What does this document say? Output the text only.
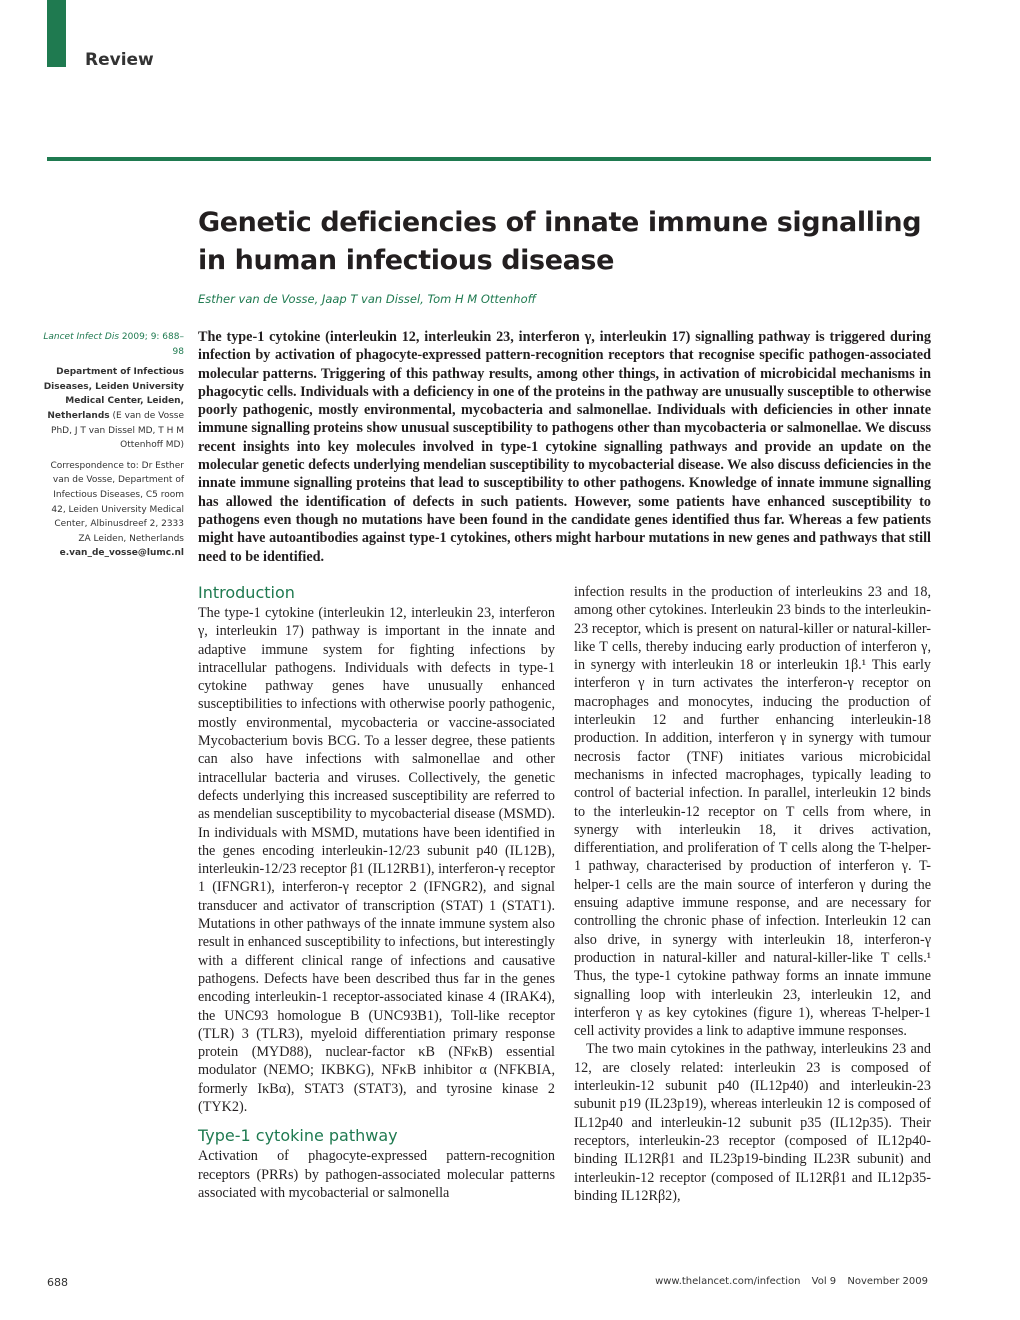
Review
Genetic deficiencies of innate immune signalling in human infectious disease
Esther van de Vosse, Jaap T van Dissel, Tom H M Ottenhoff

Lancet Infect Dis 2009; 9: 688–98

Department of Infectious Diseases, Leiden University Medical Center, Leiden, Netherlands (E van de Vosse PhD, J T van Dissel MD, T H M Ottenhoff MD)

Correspondence to: Dr Esther van de Vosse, Department of Infectious Diseases, C5 room 42, Leiden University Medical Center, Albinusdreef 2, 2333 ZA Leiden, Netherlands
e.van_de_vosse@lumc.nl

The type-1 cytokine (interleukin 12, interleukin 23, interferon γ, interleukin 17) signalling pathway is triggered during infection by activation of phagocyte-expressed pattern-recognition receptors that recognise specific pathogen-associated molecular patterns. Triggering of this pathway results, among other things, in activation of microbicidal mechanisms in phagocytic cells. Individuals with a deficiency in one of the proteins in the pathway are unusually susceptible to otherwise poorly pathogenic, mostly environmental, mycobacteria and salmonellae. Individuals with deficiencies in other innate immune signalling proteins show unusual susceptibility to pathogens other than mycobacteria or salmonellae. We discuss recent insights into key molecules involved in type-1 cytokine signalling pathways and provide an update on the molecular genetic defects underlying mendelian susceptibility to mycobacterial disease. We also discuss deficiencies in the innate immune signalling proteins that lead to susceptibility to other pathogens. Knowledge of innate immune signalling has allowed the identification of defects in such patients. However, some patients have enhanced susceptibility to pathogens even though no mutations have been found in the candidate genes identified thus far. Whereas a few patients might have autoantibodies against type-1 cytokines, others might harbour mutations in new genes and pathways that still need to be identified.

Introduction

The type-1 cytokine (interleukin 12, interleukin 23, interferon γ, interleukin 17) pathway is important in the innate and adaptive immune system for fighting infections by intracellular pathogens. Individuals with defects in type-1 cytokine pathway genes have unusually enhanced susceptibilities to infections with otherwise poorly pathogenic, mostly environmental, mycobacteria or vaccine-associated Mycobacterium bovis BCG. To a lesser degree, these patients can also have infections with salmonellae and other intracellular bacteria and viruses. Collectively, the genetic defects underlying this increased susceptibility are referred to as mendelian susceptibility to mycobacterial disease (MSMD). In individuals with MSMD, mutations have been identified in the genes encoding interleukin-12/23 subunit p40 (IL12B), interleukin-12/23 receptor β1 (IL12RB1), interferon-γ receptor 1 (IFNGR1), interferon-γ receptor 2 (IFNGR2), and signal transducer and activator of transcription (STAT) 1 (STAT1). Mutations in other pathways of the innate immune system also result in enhanced susceptibility to infections, but interestingly with a different clinical range of infections and causative pathogens. Defects have been described thus far in the genes encoding interleukin-1 receptor-associated kinase 4 (IRAK4), the UNC93 homologue B (UNC93B1), Toll-like receptor (TLR) 3 (TLR3), myeloid differentiation primary response protein (MYD88), nuclear-factor κB (NFκB) essential modulator (NEMO; IKBKG), NFκB inhibitor α (NFKBIA, formerly IκBα), STAT3 (STAT3), and tyrosine kinase 2 (TYK2).

Type-1 cytokine pathway

Activation of phagocyte-expressed pattern-recognition receptors (PRRs) by pathogen-associated molecular patterns associated with mycobacterial or salmonella

infection results in the production of interleukins 23 and 18, among other cytokines. Interleukin 23 binds to the interleukin-23 receptor, which is present on natural-killer or natural-killer-like T cells, thereby inducing early production of interferon γ, in synergy with interleukin 18 or interleukin 1β.¹ This early interferon γ in turn activates the interferon-γ receptor on macrophages and monocytes, inducing the production of interleukin 12 and further enhancing interleukin-18 production. In addition, interferon γ in synergy with tumour necrosis factor (TNF) initiates various microbicidal mechanisms in infected macrophages, typically leading to control of bacterial infection. In parallel, interleukin 12 binds to the interleukin-12 receptor on T cells from where, in synergy with interleukin 18, it drives activation, differentiation, and proliferation of T cells along the T-helper-1 pathway, characterised by production of interferon γ. T-helper-1 cells are the main source of interferon γ during the ensuing adaptive immune response, and are necessary for controlling the chronic phase of infection. Interleukin 12 can also drive, in synergy with interleukin 18, interferon-γ production in natural-killer and natural-killer-like T cells.¹ Thus, the type-1 cytokine pathway forms an innate immune signalling loop with interleukin 23, interleukin 12, and interferon γ as key cytokines (figure 1), whereas T-helper-1 cell activity provides a link to adaptive immune responses.

The two main cytokines in the pathway, interleukins 23 and 12, are closely related: interleukin 23 is composed of interleukin-12 subunit p40 (IL12p40) and interleukin-23 subunit p19 (IL23p19), whereas interleukin 12 is composed of IL12p40 and interleukin-12 subunit p35 (IL12p35). Their receptors, interleukin-23 receptor (composed of IL12p40-binding IL12Rβ1 and IL23p19-binding IL23R subunit) and interleukin-12 receptor (composed of IL12Rβ1 and IL12p35-binding IL12Rβ2),

688	www.thelancet.com/infection Vol 9 November 2009
